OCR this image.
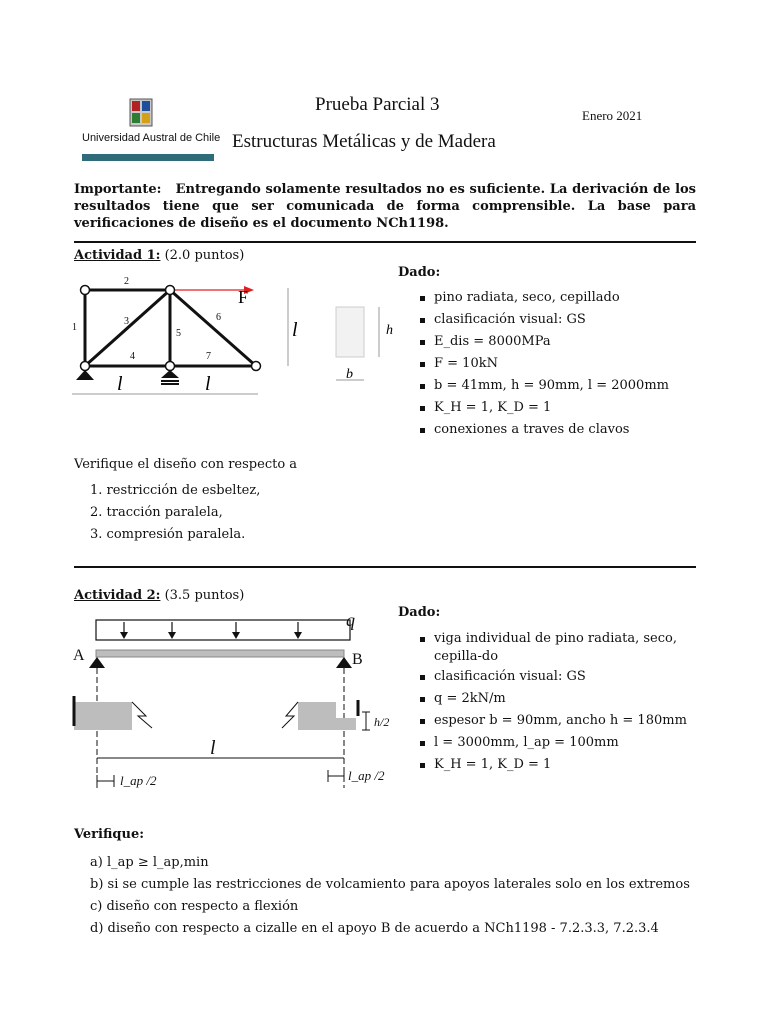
Universidad Austral de Chile
Prueba Parcial 3
Enero 2021
Estructuras Metálicas y de Madera
Importante: Entregando solamente resultados no es suficiente. La derivación de los resultados tiene que ser comunicada de forma comprensible. La base para verificaciones de diseño es el documento NCh1198.
Actividad 1: (2.0 puntos)
1
2
3
4
5
6
7
F
l	l
l	h
b
Dado:
pino radiata, seco, cepillado
clasificación visual: GS
E_dis = 8000MPa
F = 10kN
b = 41mm, h = 90mm, l = 2000mm
K_H = 1, K_D = 1
conexiones a traves de clavos
Verifique el diseño con respecto a
1. restricción de esbeltez,
2. tracción paralela,
3. compresión paralela.
Actividad 2: (3.5 puntos)
A	B
q
l
h/2
l_ap /2	l_ap /2
Dado:
viga individual de pino radiata, seco, cepilla-do
clasificación visual: GS
q = 2kN/m
espesor b = 90mm, ancho h = 180mm
l = 3000mm, l_ap = 100mm
K_H = 1, K_D = 1
Verifique:
a) l_ap ≥ l_ap,min
b) si se cumple las restricciones de volcamiento para apoyos laterales solo en los extremos
c) diseño con respecto a flexión
d) diseño con respecto a cizalle en el apoyo B de acuerdo a NCh1198 - 7.2.3.3, 7.2.3.4
